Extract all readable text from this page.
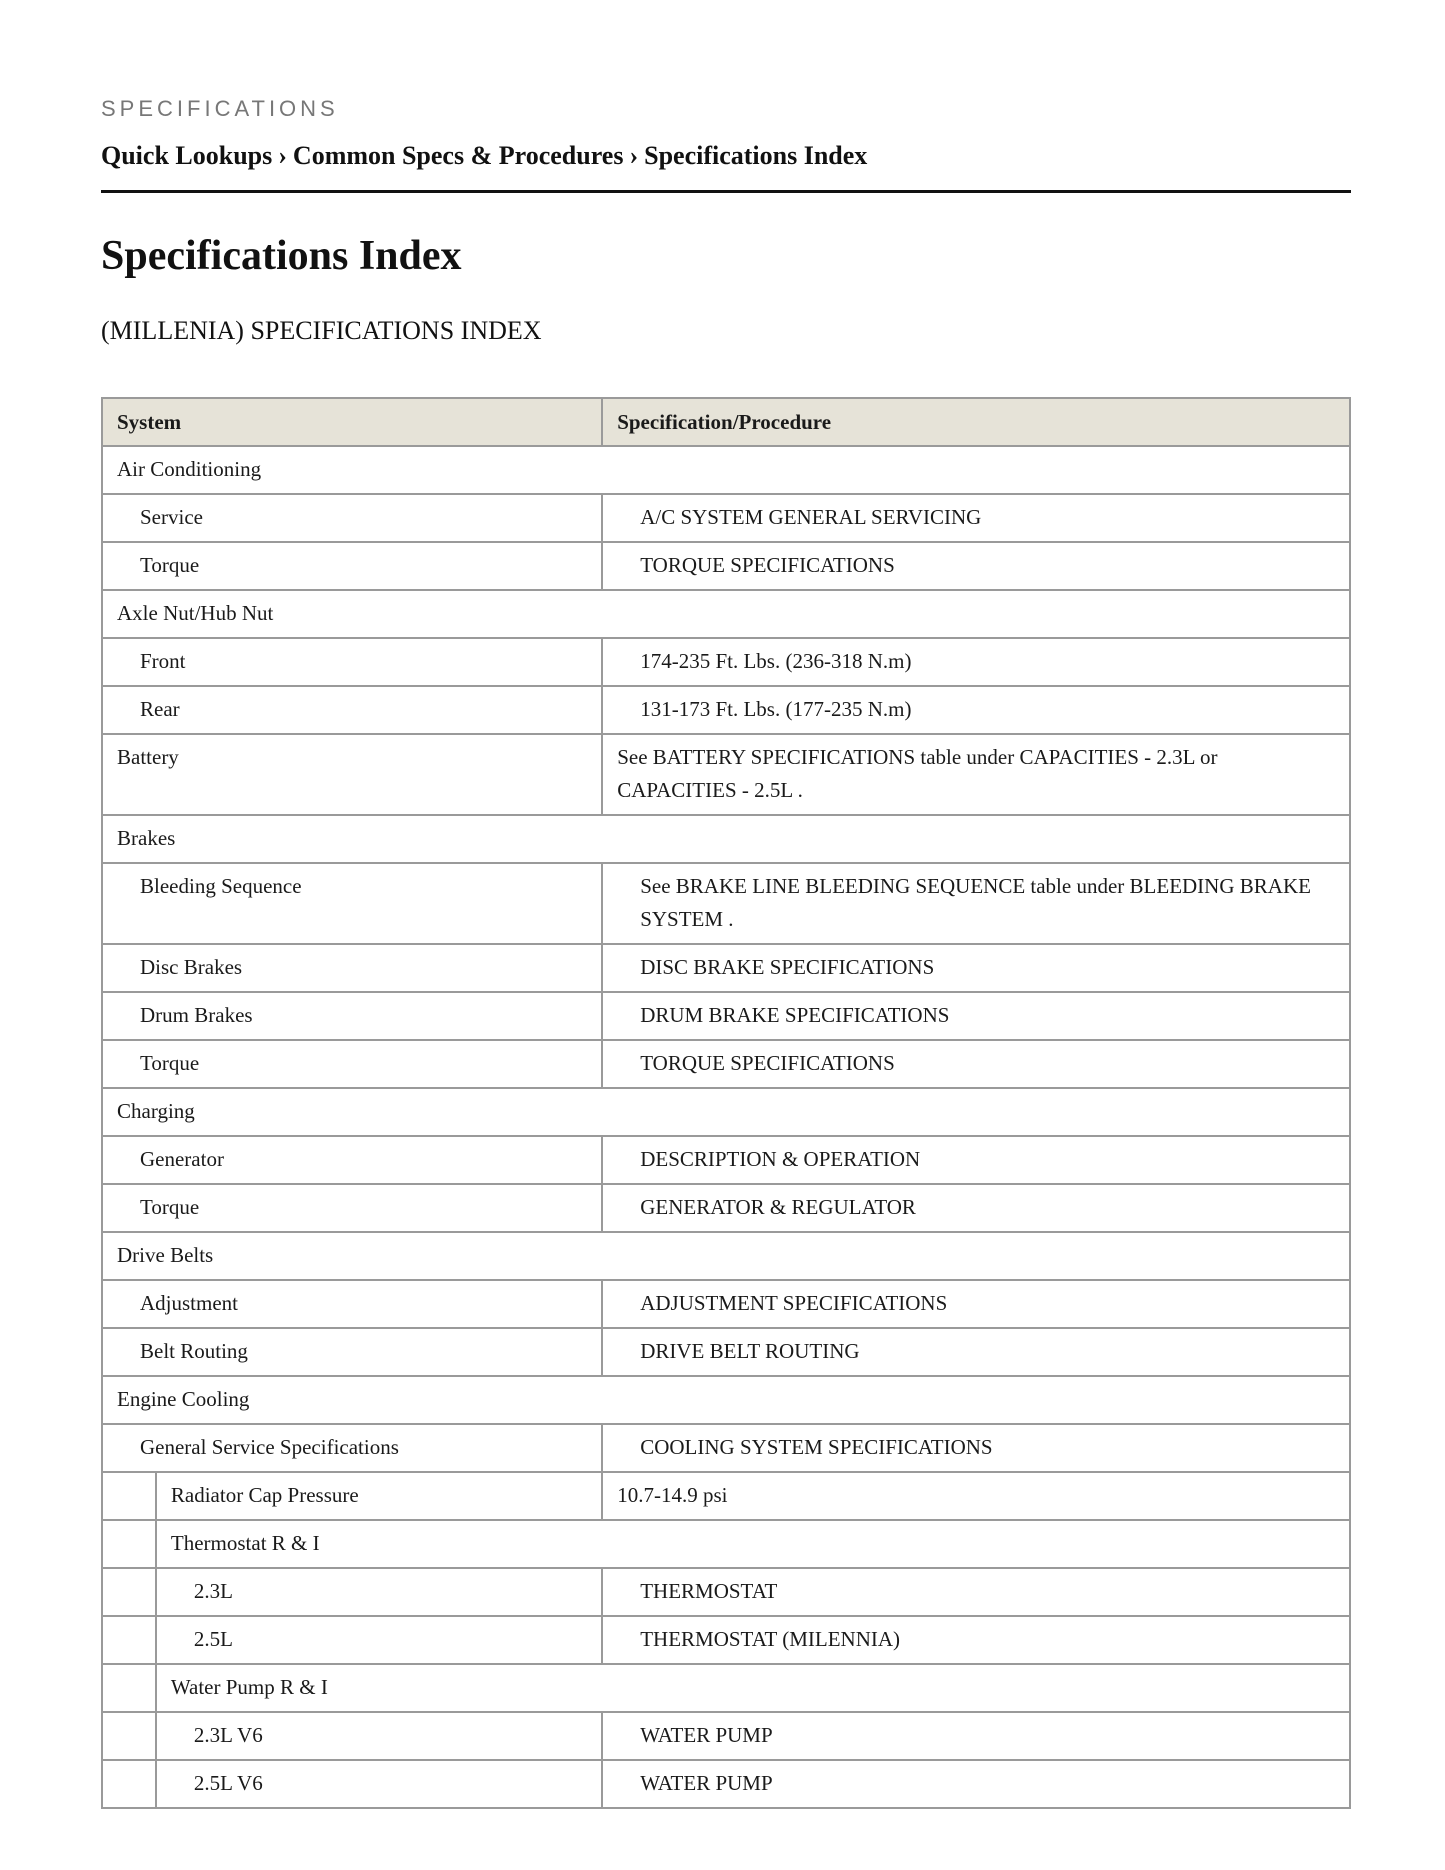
SPECIFICATIONS
Quick Lookups › Common Specs & Procedures › Specifications Index
Specifications Index
(MILLENIA) SPECIFICATIONS INDEX
System		Specification/Procedure
Air Conditioning		
Service		A/C SYSTEM GENERAL SERVICING
Torque		TORQUE SPECIFICATIONS
Axle Nut/Hub Nut		
Front		174-235 Ft. Lbs. (236-318 N.m)
Rear		131-173 Ft. Lbs. (177-235 N.m)
Battery		See BATTERY SPECIFICATIONS table under CAPACITIES - 2.3L or CAPACITIES - 2.5L .
Brakes		
Bleeding Sequence		See BRAKE LINE BLEEDING SEQUENCE table under BLEEDING BRAKE SYSTEM .
Disc Brakes		DISC BRAKE SPECIFICATIONS
Drum Brakes		DRUM BRAKE SPECIFICATIONS
Torque		TORQUE SPECIFICATIONS
Charging		
Generator		DESCRIPTION & OPERATION
Torque		GENERATOR & REGULATOR
Drive Belts		
Adjustment		ADJUSTMENT SPECIFICATIONS
Belt Routing		DRIVE BELT ROUTING
Engine Cooling		
General Service Specifications		COOLING SYSTEM SPECIFICATIONS
	Radiator Cap Pressure	10.7-14.9 psi
	Thermostat R & I	
	2.3L	THERMOSTAT
	2.5L	THERMOSTAT (MILENNIA)
	Water Pump R & I	
	2.3L V6	WATER PUMP
	2.5L V6	WATER PUMP
